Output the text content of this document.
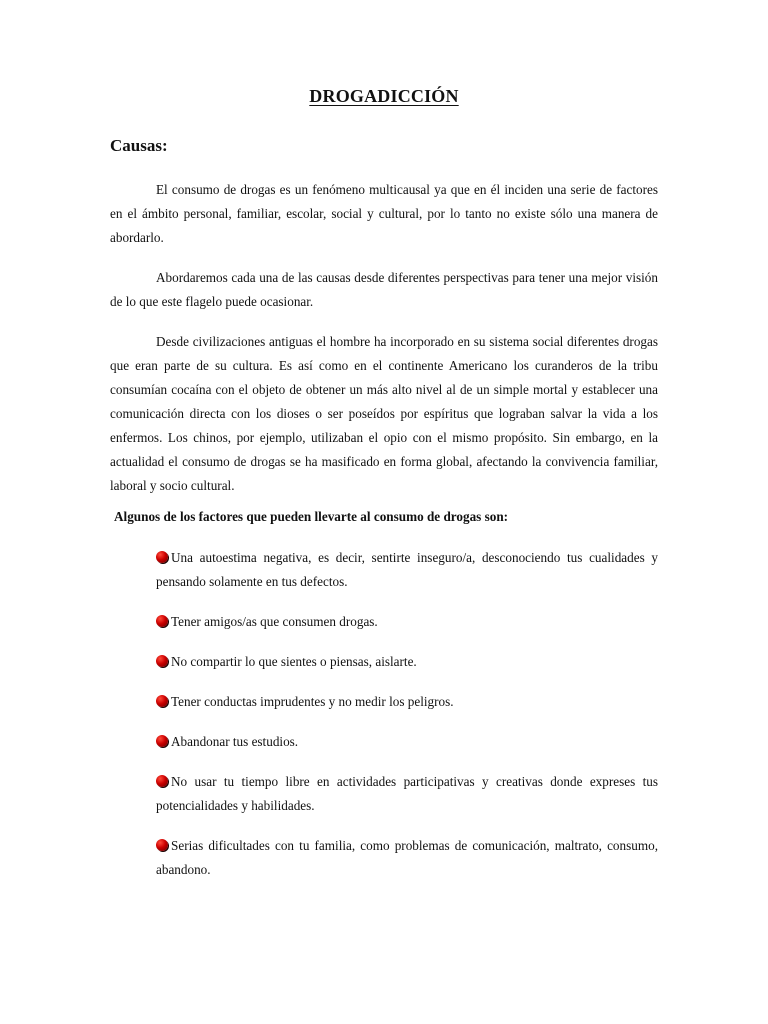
DROGADICCIÓN
Causas:

El consumo de drogas es un fenómeno multicausal ya que en él inciden una serie de factores en el ámbito personal, familiar, escolar, social y cultural, por lo tanto no existe sólo una manera de abordarlo.

Abordaremos cada una de las causas desde diferentes perspectivas para tener una mejor visión de lo que este flagelo puede ocasionar.

Desde civilizaciones antiguas el hombre ha incorporado en su sistema social diferentes drogas que eran parte de su cultura. Es así como en el continente Americano los curanderos de la tribu consumían cocaína con el objeto de obtener un más alto nivel al de un simple mortal y establecer una comunicación directa con los dioses o ser poseídos por espíritus que lograban salvar la vida a los enfermos. Los chinos, por ejemplo, utilizaban el opio con el mismo propósito. Sin embargo, en la actualidad el consumo de drogas se ha masificado en forma global, afectando la convivencia familiar, laboral y socio cultural.

Algunos de los factores que pueden llevarte al consumo de drogas son:

Una autoestima negativa, es decir, sentirte inseguro/a, desconociendo tus cualidades y pensando solamente en tus defectos.

Tener amigos/as que consumen drogas.

No compartir lo que sientes o piensas, aislarte.

Tener conductas imprudentes y no medir los peligros.

Abandonar tus estudios.

No usar tu tiempo libre en actividades participativas y creativas donde expreses tus potencialidades y habilidades.

Serias dificultades con tu familia, como problemas de comunicación, maltrato, consumo, abandono.
